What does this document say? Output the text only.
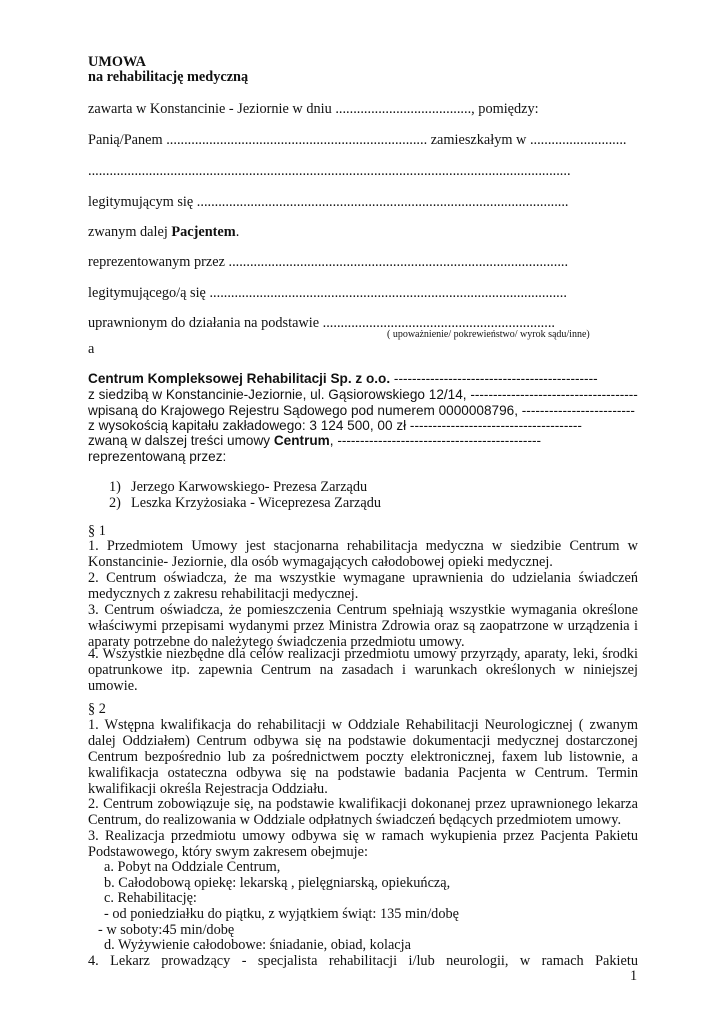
UMOWA
na rehabilitację medyczną
zawarta w Konstancinie - Jeziornie w dniu ......................................, pomiędzy:
Panią/Panem ......................................................................... zamieszkałym w ...........................
.......................................................................................................................................
legitymującym się ........................................................................................................
zwanym dalej Pacjentem.
reprezentowanym przez ...............................................................................................
legitymującego/ą się ....................................................................................................
uprawnionym do działania na podstawie .................................................................
( upoważnienie/ pokrewieństwo/ wyrok sądu/inne)
a
Centrum Kompleksowej Rehabilitacji Sp. z o.o. ---------------------------------------------
z siedzibą w Konstancinie-Jeziornie, ul. Gąsiorowskiego 12/14, -------------------------------------
wpisaną do Krajowego Rejestru Sądowego pod numerem 0000008796, -------------------------
z wysokością kapitału zakładowego: 3 124 500, 00 zł --------------------------------------
zwaną w dalszej treści umowy Centrum, ---------------------------------------------
reprezentowaną przez:
1) Jerzego Karwowskiego- Prezesa Zarządu
2) Leszka Krzyżosiaka - Wiceprezesa Zarządu
§ 1
1. Przedmiotem Umowy jest stacjonarna rehabilitacja medyczna w siedzibie Centrum w Konstancinie- Jeziornie, dla osób wymagających całodobowej opieki medycznej.
2. Centrum oświadcza, że ma wszystkie wymagane uprawnienia do udzielania świadczeń medycznych z zakresu rehabilitacji medycznej.
3. Centrum oświadcza, że pomieszczenia Centrum spełniają wszystkie wymagania określone właściwymi przepisami wydanymi przez Ministra Zdrowia oraz są zaopatrzone w urządzenia i aparaty potrzebne do należytego świadczenia przedmiotu umowy.
4. Wszystkie niezbędne dla celów realizacji przedmiotu umowy przyrządy, aparaty, leki, środki opatrunkowe itp. zapewnia Centrum na zasadach i warunkach określonych w niniejszej umowie.
§ 2
1. Wstępna kwalifikacja do rehabilitacji w Oddziale Rehabilitacji Neurologicznej ( zwanym dalej Oddziałem) Centrum odbywa się na podstawie dokumentacji medycznej dostarczonej Centrum bezpośrednio lub za pośrednictwem poczty elektronicznej, faxem lub listownie, a kwalifikacja ostateczna odbywa się na podstawie badania Pacjenta w Centrum. Termin kwalifikacji określa Rejestracja Oddziału.
2. Centrum zobowiązuje się, na podstawie kwalifikacji dokonanej przez uprawnionego lekarza Centrum, do realizowania w Oddziale odpłatnych świadczeń będących przedmiotem umowy.
3. Realizacja przedmiotu umowy odbywa się w ramach wykupienia przez Pacjenta Pakietu Podstawowego, który swym zakresem obejmuje:
a. Pobyt na Oddziale Centrum,
b. Całodobową opiekę: lekarską , pielęgniarską, opiekuńczą,
c. Rehabilitację:
- od poniedziałku do piątku, z wyjątkiem świąt: 135 min/dobę
- w soboty:45 min/dobę
d. Wyżywienie całodobowe: śniadanie, obiad, kolacja
4. Lekarz prowadzący - specjalista rehabilitacji i/lub neurologii, w ramach Pakietu
1
